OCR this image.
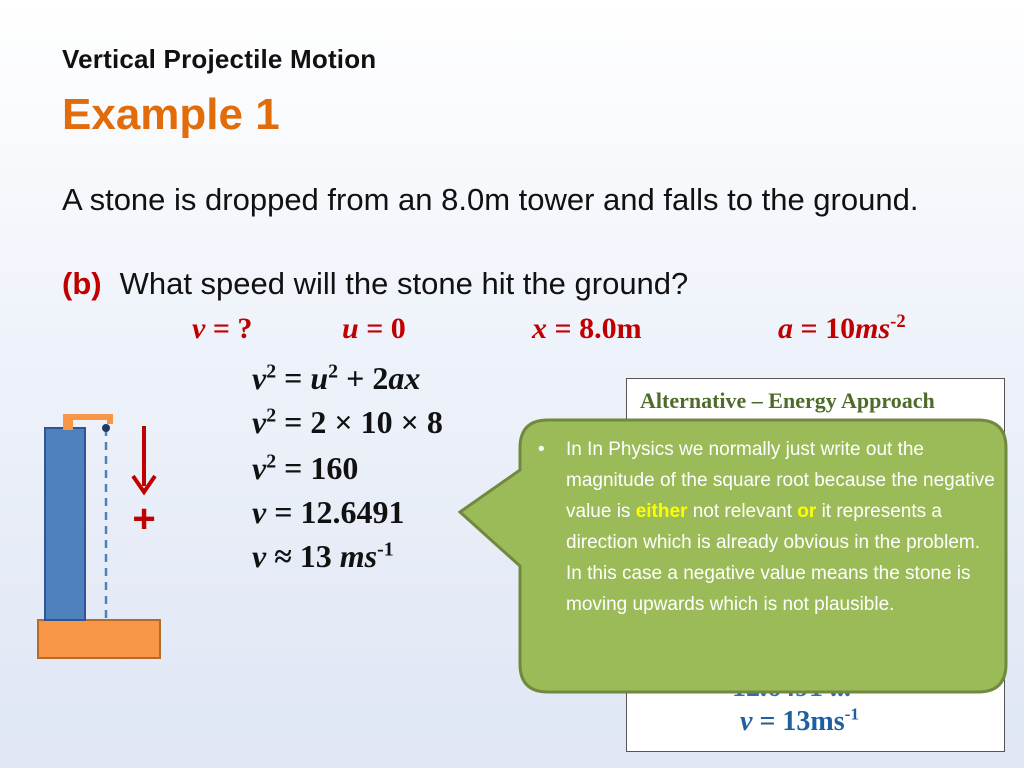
Vertical Projectile Motion
Example 1
A stone is dropped from an 8.0m tower and falls to the ground.
(b) What speed will the stone hit the ground?
v = ?	u = 0	x = 8.0m	$a = 10ms^{-2}$
$v^2 = u^2 + 2ax$
$v^2 = 2 \times 10 \times 8$
$v^2 = 160$
v = 12.6491
v ≈ 13 $ms^{-1}$
+
Alternative – Energy Approach
$v = 13ms^{-1}$
• In In Physics we normally just write out the magnitude of the square root because the negative value is either not relevant or it represents a direction which is already obvious in the problem. In this case a negative value means the stone is moving upwards which is not plausible.
